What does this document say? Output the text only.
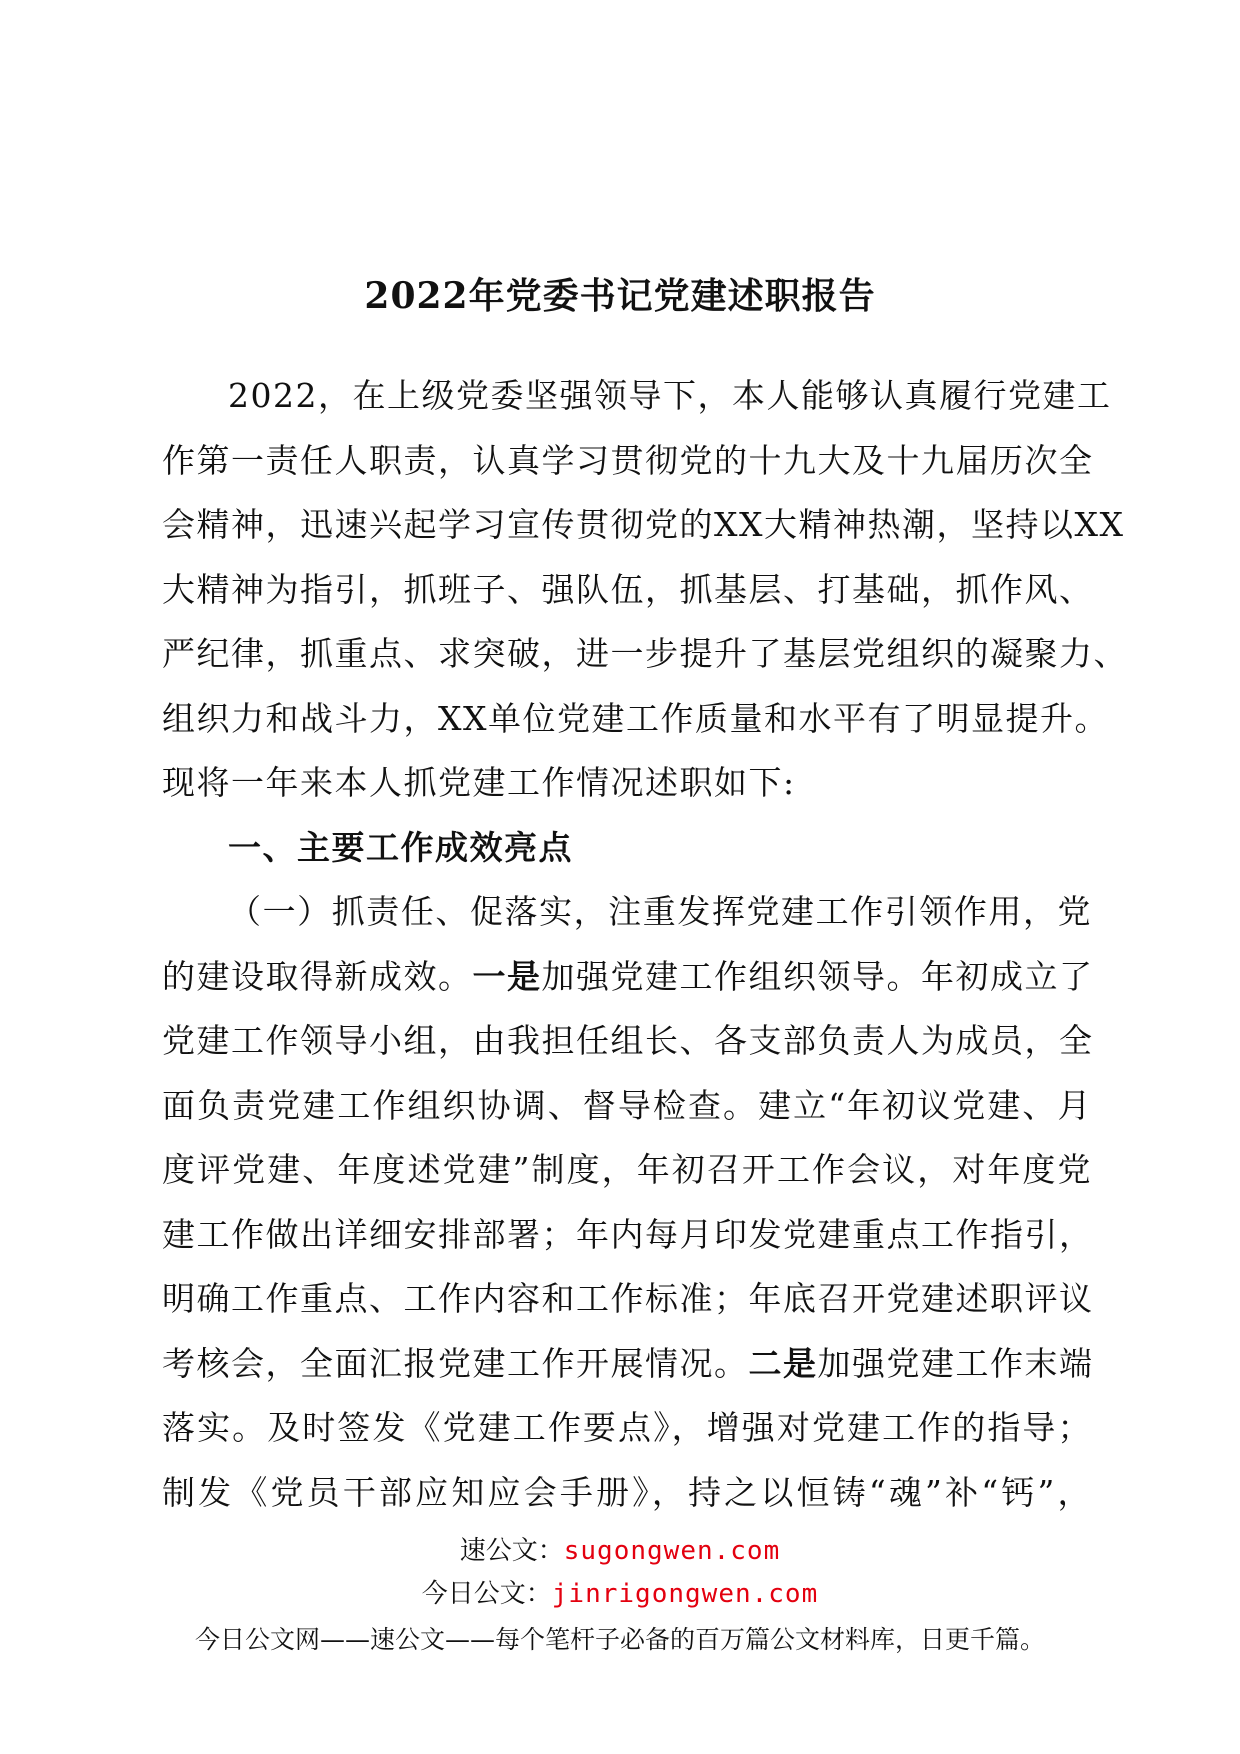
2022年党委书记党建述职报告
2022，在上级党委坚强领导下，本人能够认真履行党建工
作第一责任人职责，认真学习贯彻党的十九大及十九届历次全
会精神，迅速兴起学习宣传贯彻党的XX大精神热潮，坚持以XX
大精神为指引，抓班子、强队伍，抓基层、打基础，抓作风、
严纪律，抓重点、求突破，进一步提升了基层党组织的凝聚力、
组织力和战斗力，XX单位党建工作质量和水平有了明显提升。
现将一年来本人抓党建工作情况述职如下:
一、主要工作成效亮点
（一）抓责任、促落实，注重发挥党建工作引领作用，党
的建设取得新成效。一是加强党建工作组织领导。年初成立了
党建工作领导小组，由我担任组长、各支部负责人为成员，全
面负责党建工作组织协调、督导检查。建立“年初议党建、月
度评党建、年度述党建”制度，年初召开工作会议，对年度党
建工作做出详细安排部署；年内每月印发党建重点工作指引，
明确工作重点、工作内容和工作标准；年底召开党建述职评议
考核会，全面汇报党建工作开展情况。二是加强党建工作末端
落实。及时签发《党建工作要点》，增强对党建工作的指导；
制发《党员干部应知应会手册》，持之以恒铸“魂”补“钙”，
速公文：sugongwen.com
今日公文：jinrigongwen.com
今日公文网——速公文——每个笔杆子必备的百万篇公文材料库，日更千篇。
